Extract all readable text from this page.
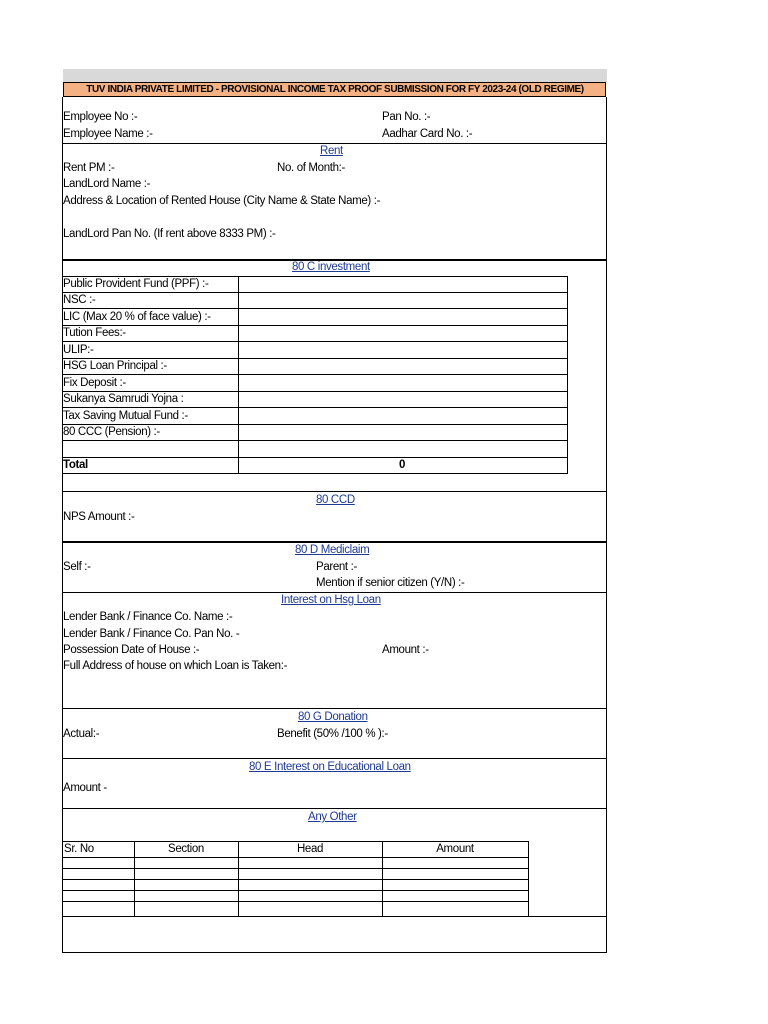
TUV INDIA PRIVATE LIMITED - PROVISIONAL INCOME TAX PROOF SUBMISSION FOR FY 2023-24 (OLD REGIME)
Employee No :-	Pan No. :-
Employee Name :-	Aadhar Card No. :-
Rent
Rent PM :-	No. of Month:-
LandLord Name :-
Address & Location of Rented House (City Name & State Name) :-
LandLord Pan No. (If rent above 8333 PM) :-
80 C investment
Public Provident Fund (PPF) :-
NSC :-
LIC (Max 20 % of face value) :-
Tution Fees:-
ULIP:-
HSG Loan Principal :-
Fix Deposit :-
Sukanya Samrudi Yojna :
Tax Saving Mutual Fund :-
80 CCC (Pension) :-
Total	0
80 CCD
NPS Amount :-
80 D Mediclaim
Self :-	Parent :-
Mention if senior citizen (Y/N) :-
Interest on Hsg Loan
Lender Bank / Finance Co. Name :-
Lender Bank / Finance Co. Pan No. -
Possession Date of House :-	Amount :-
Full Address of house on which Loan is Taken:-
80 G Donation
Actual:-	Benefit (50% /100 % ):-
80 E Interest on Educational Loan
Amount -
Any Other
Sr. No	Section	Head	Amount
